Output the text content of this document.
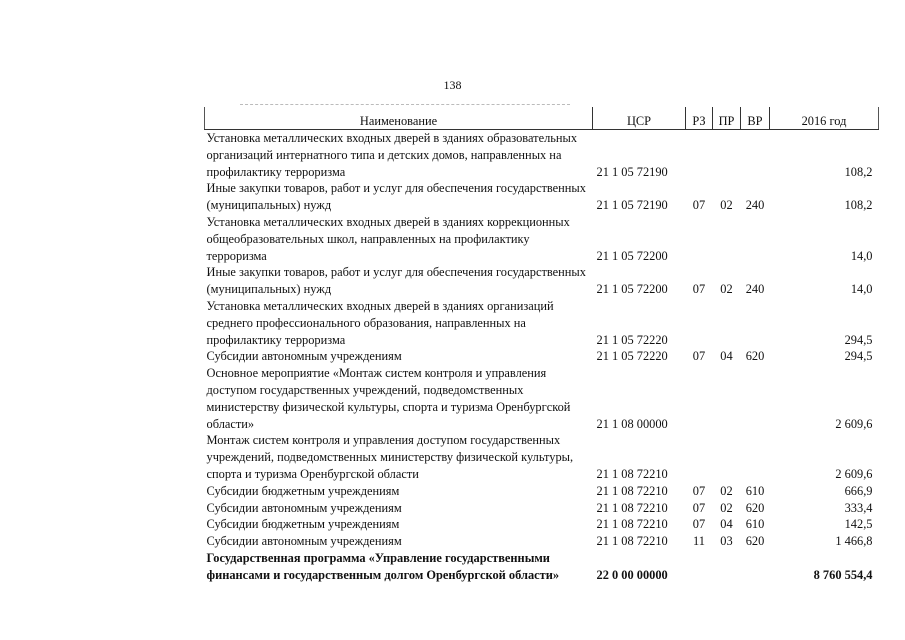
138
Наименование	ЦСР	РЗ	ПР	ВР	2016 год
Установка металлических входных дверей в зданиях образовательных организаций интернатного типа и детских домов, направленных на профилактику терроризма	21 1 05 72190				108,2
Иные закупки товаров, работ и услуг для обеспечения государственных (муниципальных) нужд	21 1 05 72190	07	02	240	108,2
Установка металлических входных дверей в зданиях коррекционных общеобразовательных школ, направленных на профилактику терроризма	21 1 05 72200				14,0
Иные закупки товаров, работ и услуг для обеспечения государственных (муниципальных) нужд	21 1 05 72200	07	02	240	14,0
Установка металлических входных дверей в зданиях организаций среднего профессионального образования, направленных на профилактику терроризма	21 1 05 72220				294,5
Субсидии автономным учреждениям	21 1 05 72220	07	04	620	294,5
Основное мероприятие «Монтаж систем контроля и управления доступом государственных учреждений, подведомственных министерству физической культуры, спорта и туризма Оренбургской области»	21 1 08 00000				2 609,6
Монтаж систем контроля и управления доступом государственных учреждений, подведомственных министерству физической культуры, спорта и туризма Оренбургской области	21 1 08 72210				2 609,6
Субсидии бюджетным учреждениям	21 1 08 72210	07	02	610	666,9
Субсидии автономным учреждениям	21 1 08 72210	07	02	620	333,4
Субсидии бюджетным учреждениям	21 1 08 72210	07	04	610	142,5
Субсидии автономным учреждениям	21 1 08 72210	11	03	620	1 466,8
Государственная программа «Управление государственными финансами и государственным долгом Оренбургской области»	22 0 00 00000				8 760 554,4
